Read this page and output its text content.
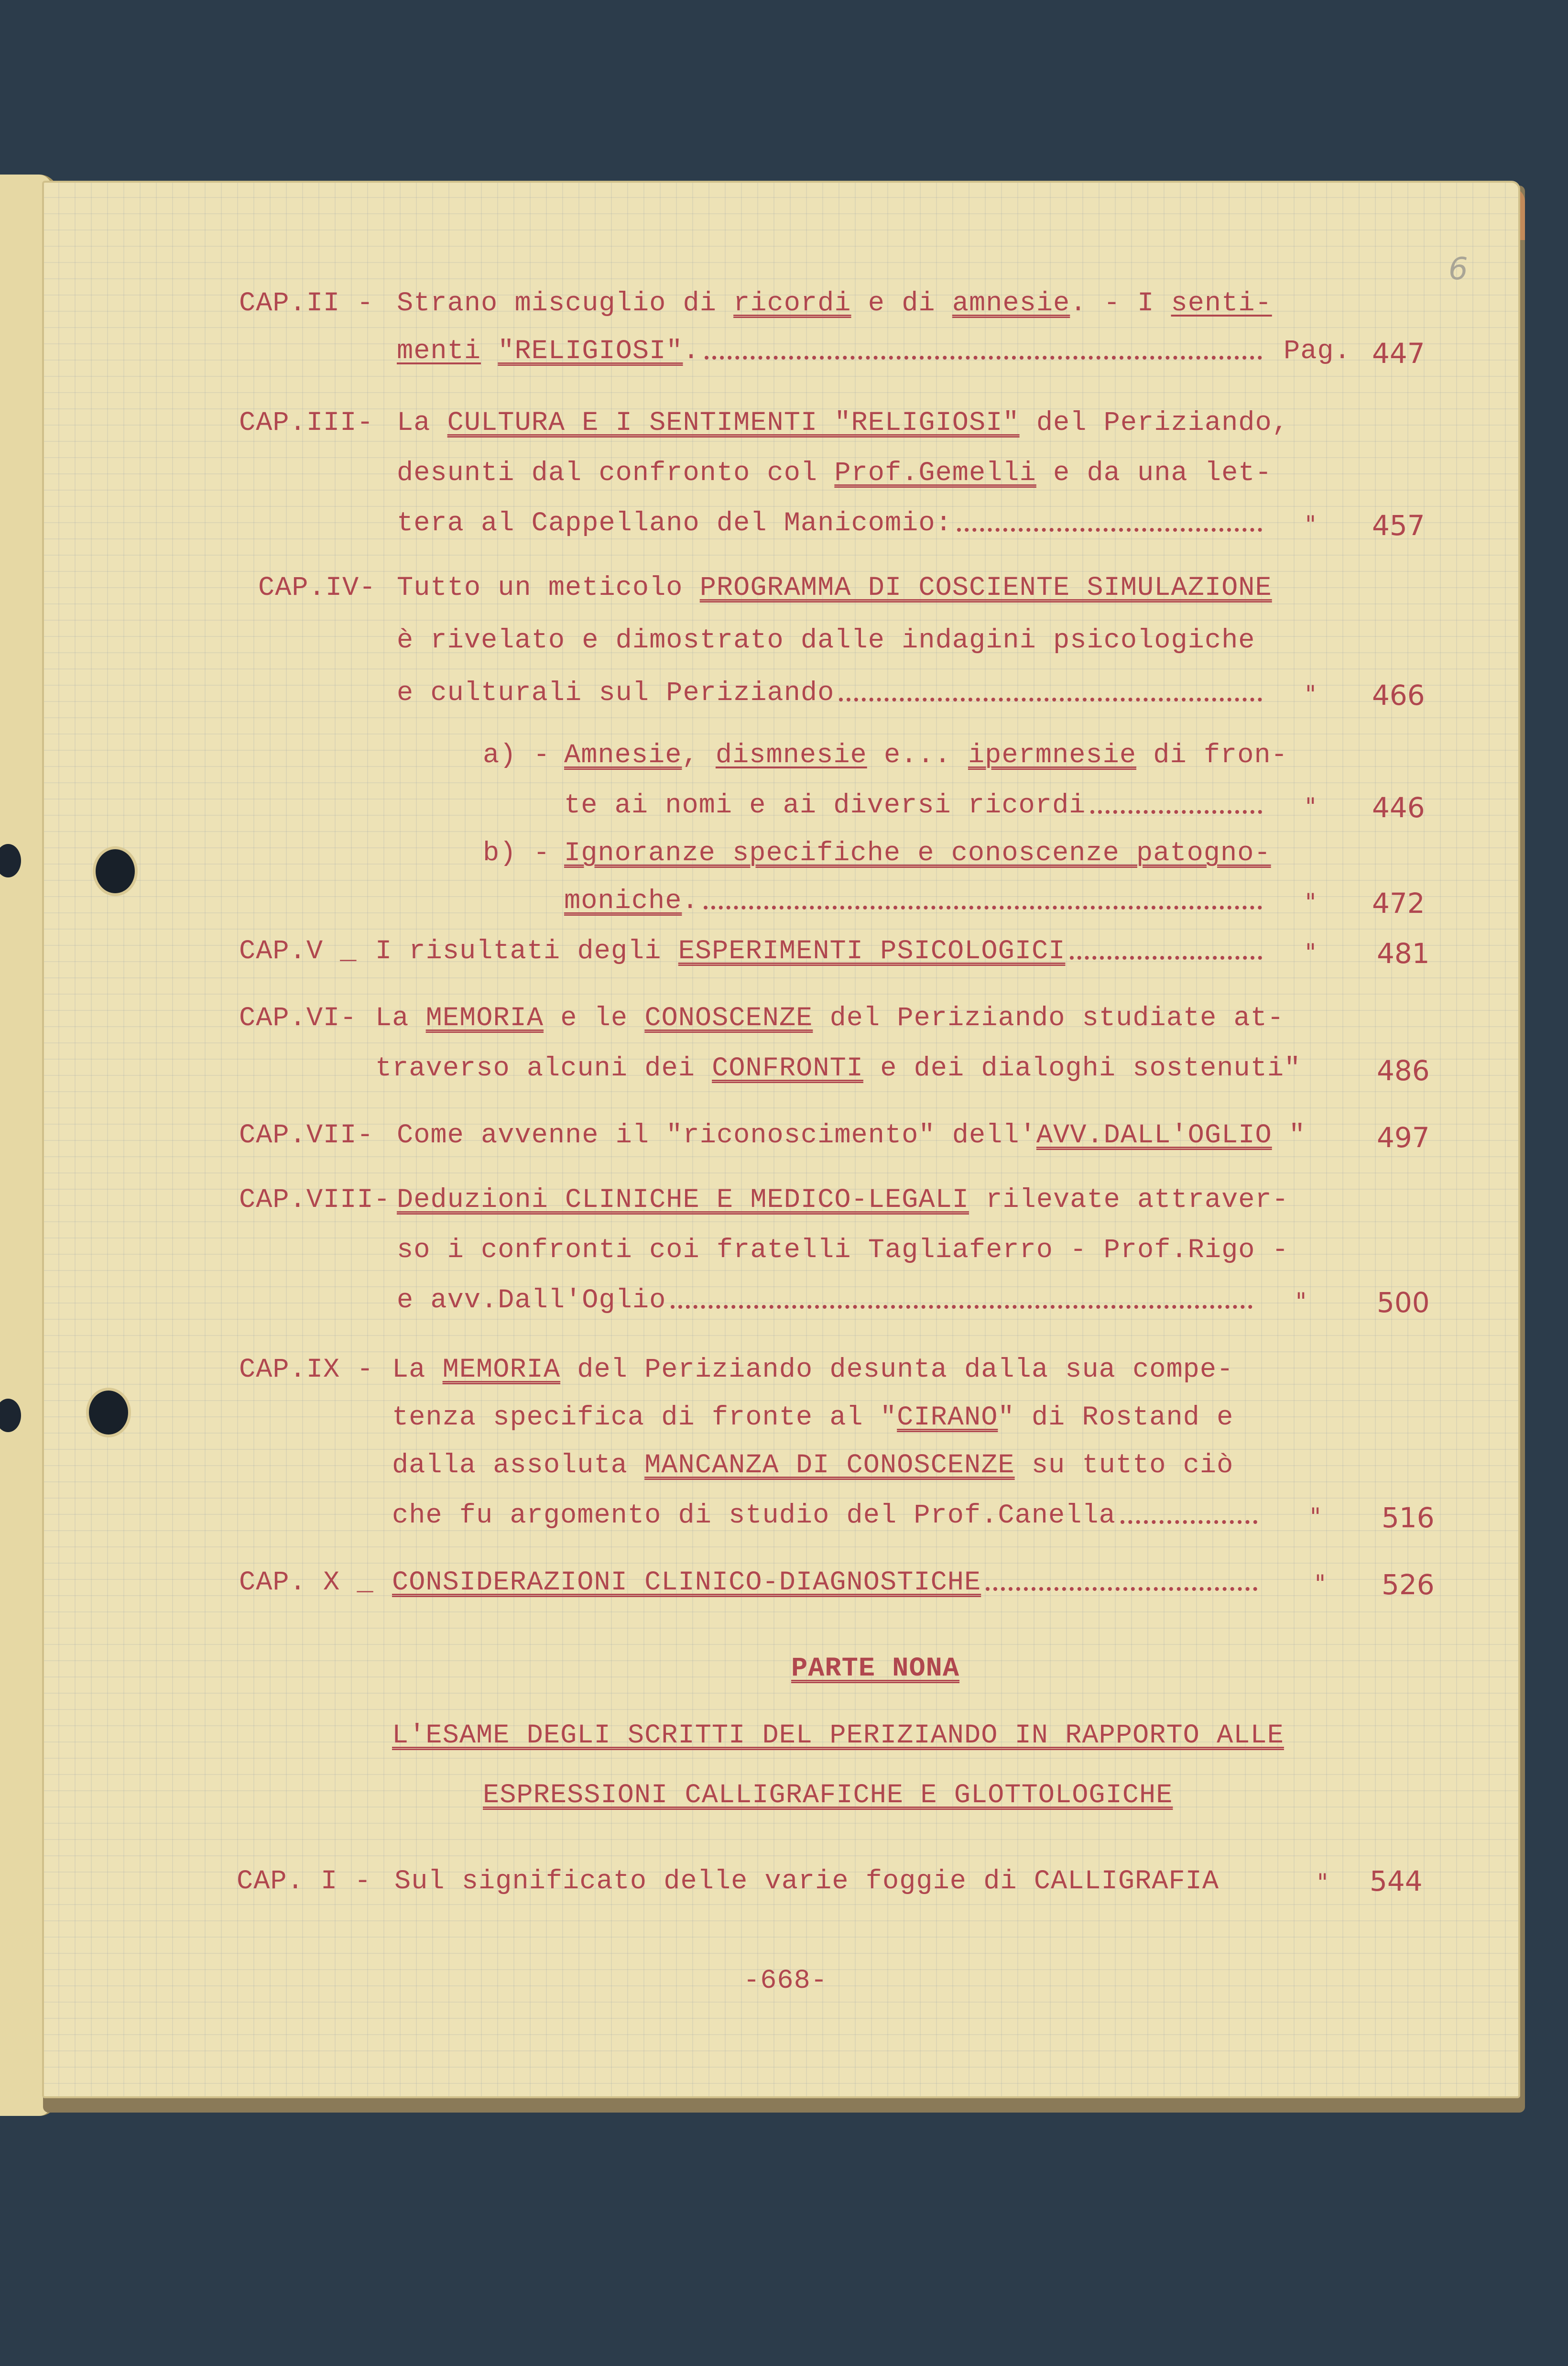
6
CAP.II - Strano miscuglio di ricordi e di amnesie. - I senti-
menti "RELIGIOSI".	Pag. 447
CAP.III- La CULTURA E I SENTIMENTI "RELIGIOSI" del Periziando,
desunti dal confronto col Prof.Gemelli e da una let-
tera al Cappellano del Manicomio:	" 457
CAP.IV- Tutto un meticolo PROGRAMMA DI COSCIENTE SIMULAZIONE
è rivelato e dimostrato dalle indagini psicologiche
e culturali sul Periziando	" 466
a) - Amnesie, dismnesie e... ipermnesie di fron-
te ai nomi e ai diversi ricordi	" 446
b) - Ignoranze specifiche e conoscenze patogno-
moniche.	" 472
CAP.V _ I risultati degli ESPERIMENTI PSICOLOGICI	" 481
CAP.VI- La MEMORIA e le CONOSCENZE del Periziando studiate at-
traverso alcuni dei CONFRONTI e dei dialoghi sostenuti"	486
CAP.VII- Come avvenne il "riconoscimento" dell'AVV.DALL'OGLIO "	497
CAP.VIII- Deduzioni CLINICHE E MEDICO-LEGALI rilevate attraver-
so i confronti coi fratelli Tagliaferro - Prof.Rigo -
e avv.Dall'Oglio	"	500
CAP.IX - La MEMORIA del Periziando desunta dalla sua compe-
tenza specifica di fronte al "CIRANO" di Rostand e
dalla assoluta MANCANZA DI CONOSCENZE su tutto ciò
che fu argomento di studio del Prof.Canella	" 516
CAP. X _ CONSIDERAZIONI CLINICO-DIAGNOSTICHE	" 526
PARTE NONA
L'ESAME DEGLI SCRITTI DEL PERIZIANDO IN RAPPORTO ALLE
ESPRESSIONI CALLIGRAFICHE E GLOTTOLOGICHE
CAP. I - Sul significato delle varie foggie di CALLIGRAFIA	" 544
-668-
